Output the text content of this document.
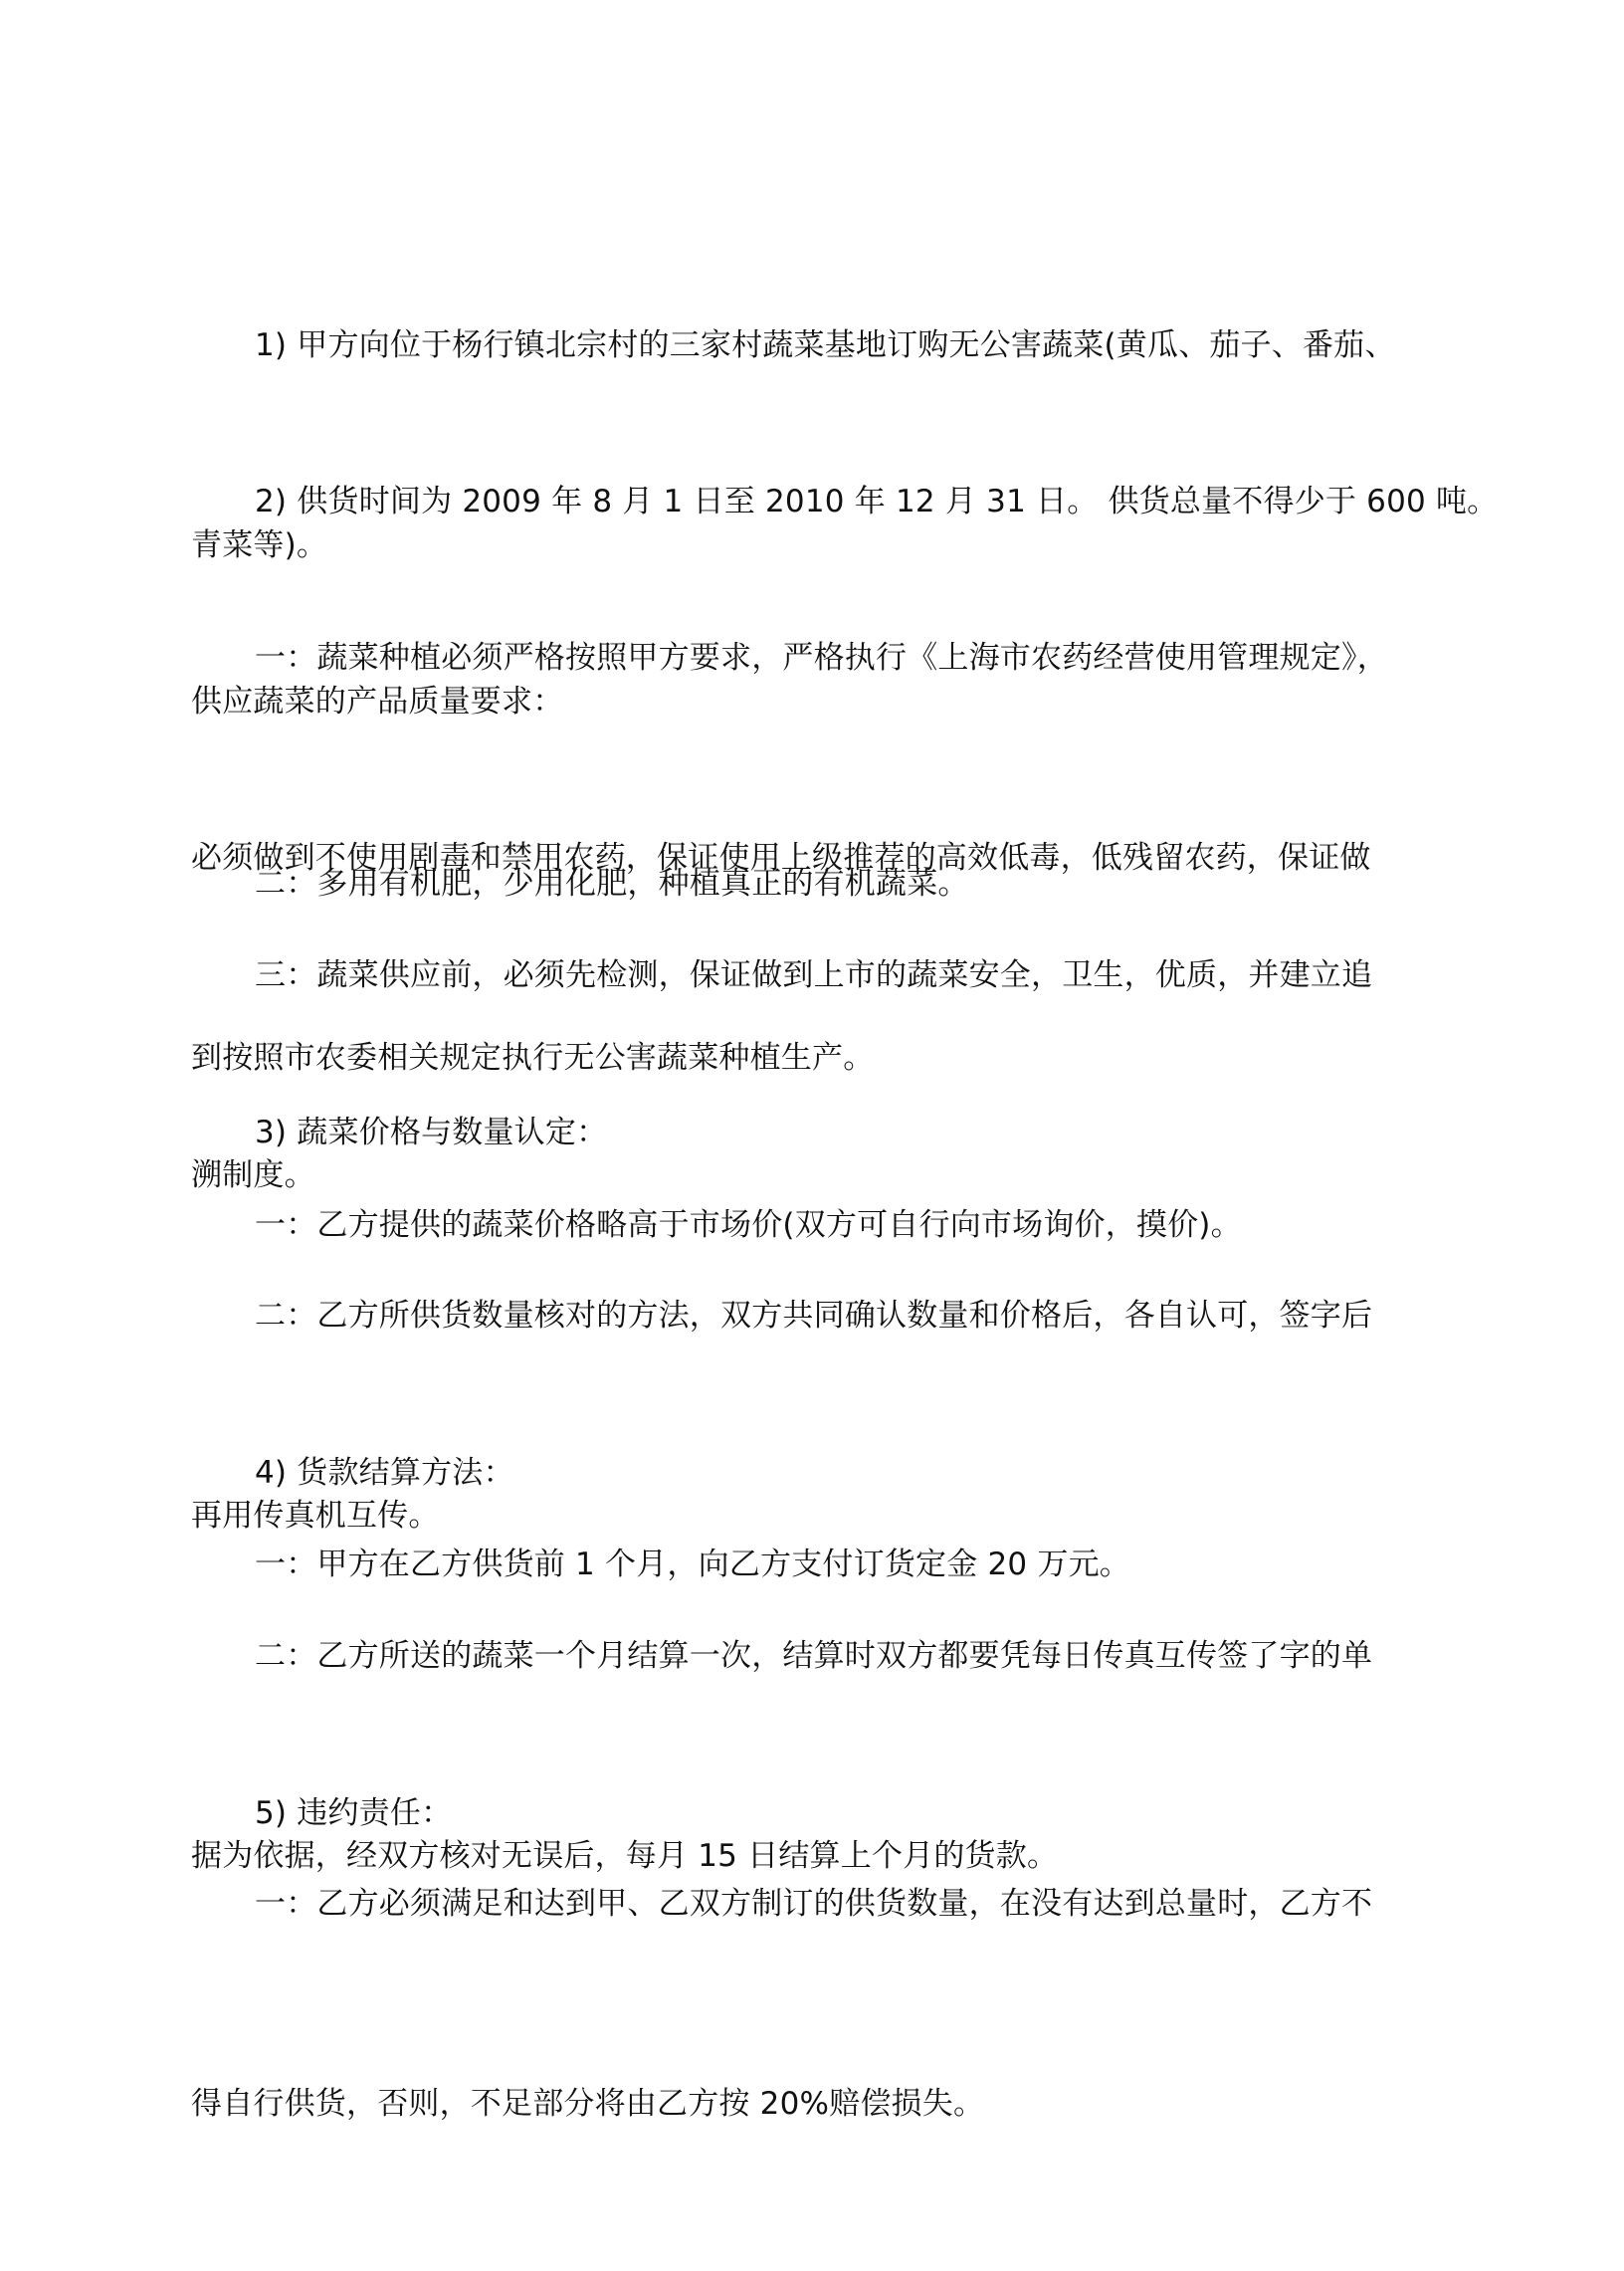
1) 甲方向位于杨行镇北宗村的三家村蔬菜基地订购无公害蔬菜(黄瓜、茄子、番茄、

青菜等)。

2) 供货时间为 2009 年 8 月 1 日至 2010 年 12 月 31 日。 供货总量不得少于 600 吨。

供应蔬菜的产品质量要求：

一：蔬菜种植必须严格按照甲方要求，严格执行《上海市农药经营使用管理规定》，

必须做到不使用剧毒和禁用农药，保证使用上级推荐的高效低毒，低残留农药，保证做

到按照市农委相关规定执行无公害蔬菜种植生产。

二：多用有机肥，少用化肥，种植真正的有机蔬菜。

三：蔬菜供应前，必须先检测，保证做到上市的蔬菜安全，卫生，优质，并建立追

溯制度。

3) 蔬菜价格与数量认定：

一：乙方提供的蔬菜价格略高于市场价(双方可自行向市场询价，摸价)。

二：乙方所供货数量核对的方法，双方共同确认数量和价格后，各自认可，签字后

再用传真机互传。

4) 货款结算方法：

一：甲方在乙方供货前 1 个月，向乙方支付订货定金 20 万元。

二：乙方所送的蔬菜一个月结算一次，结算时双方都要凭每日传真互传签了字的单

据为依据，经双方核对无误后，每月 15 日结算上个月的货款。

5) 违约责任：

一：乙方必须满足和达到甲、乙双方制订的供货数量，在没有达到总量时，乙方不

得自行供货，否则，不足部分将由乙方按 20%赔偿损失。
